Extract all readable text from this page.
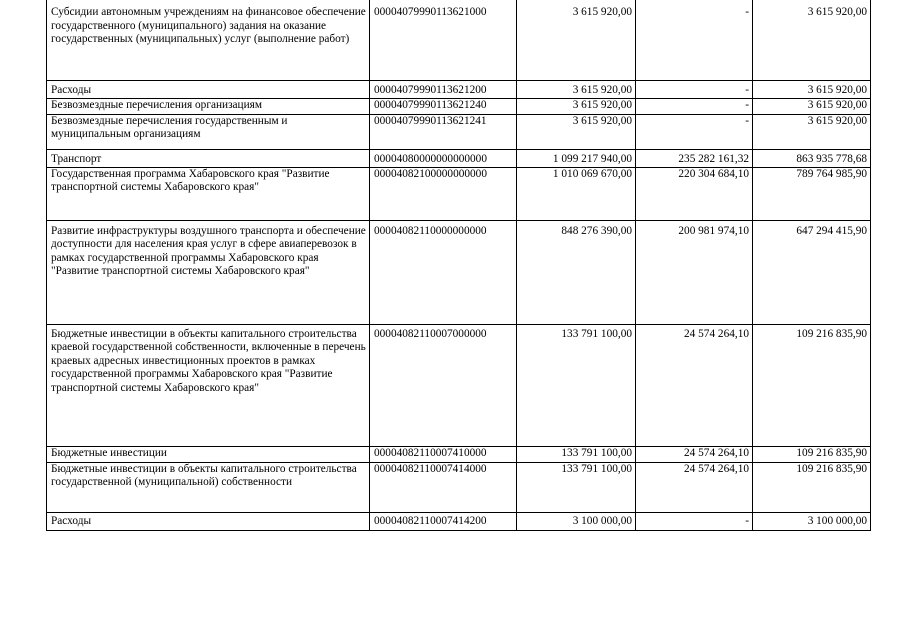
Субсидии автономным учреждениям на финансовое обеспечение государственного (муниципального) задания на оказание государственных (муниципальных) услуг (выполнение работ)	00004079990113621000	3 615 920,00	-	3 615 920,00
Расходы	00004079990113621200	3 615 920,00	-	3 615 920,00
Безвозмездные перечисления организациям	00004079990113621240	3 615 920,00	-	3 615 920,00
Безвозмездные перечисления государственным и муниципальным организациям	00004079990113621241	3 615 920,00	-	3 615 920,00
Транспорт	00004080000000000000	1 099 217 940,00	235 282 161,32	863 935 778,68
Государственная программа Хабаровского края "Развитие транспортной системы Хабаровского края"	00004082100000000000	1 010 069 670,00	220 304 684,10	789 764 985,90
Развитие инфраструктуры воздушного транспорта и обеспечение доступности для населения края услуг в сфере авиаперевозок в рамках государственной программы Хабаровского края "Развитие транспортной системы Хабаровского края"	00004082110000000000	848 276 390,00	200 981 974,10	647 294 415,90
Бюджетные инвестиции в объекты капитального строительства краевой государственной собственности, включенные в перечень краевых адресных инвестиционных проектов в рамках государственной программы Хабаровского края "Развитие транспортной системы Хабаровского края"	00004082110007000000	133 791 100,00	24 574 264,10	109 216 835,90
Бюджетные инвестиции	00004082110007410000	133 791 100,00	24 574 264,10	109 216 835,90
Бюджетные инвестиции в объекты капитального строительства государственной (муниципальной) собственности	00004082110007414000	133 791 100,00	24 574 264,10	109 216 835,90
Расходы	00004082110007414200	3 100 000,00	-	3 100 000,00
